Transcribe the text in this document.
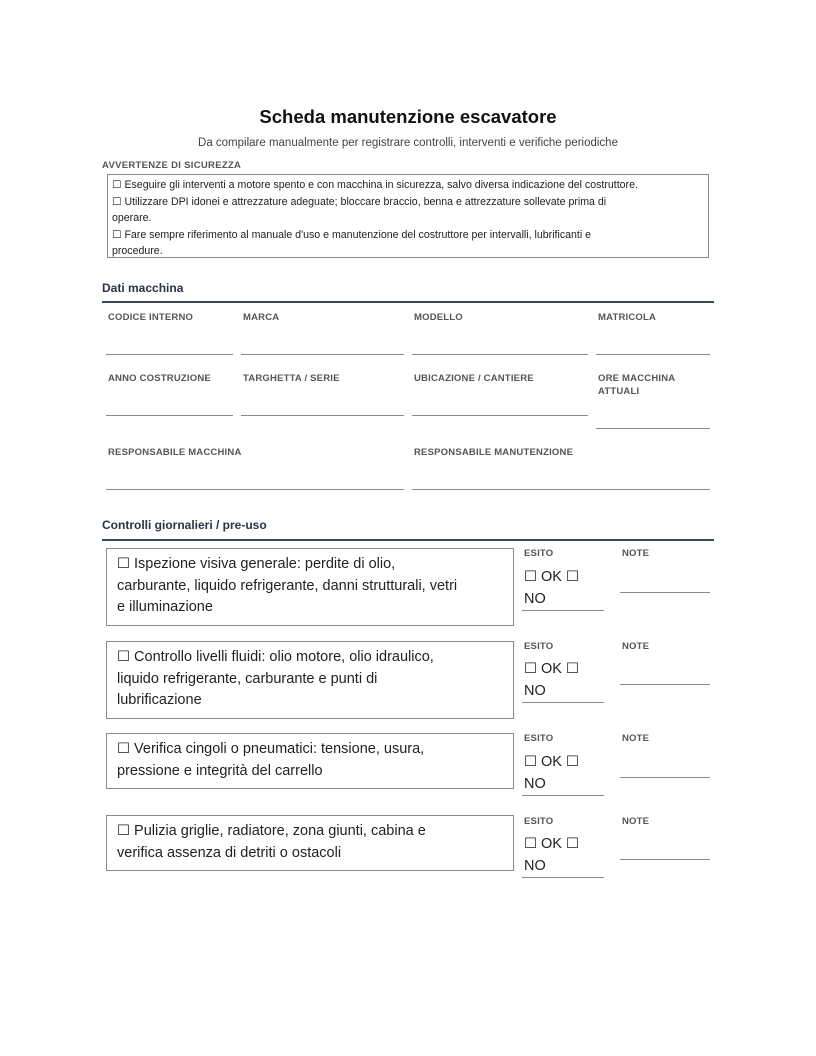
Scheda manutenzione escavatore
Da compilare manualmente per registrare controlli, interventi e verifiche periodiche
AVVERTENZE DI SICUREZZA
☐ Eseguire gli interventi a motore spento e con macchina in sicurezza, salvo diversa indicazione del costruttore.
☐ Utilizzare DPI idonei e attrezzature adeguate; bloccare braccio, benna e attrezzature sollevate prima di
operare.
☐ Fare sempre riferimento al manuale d'uso e manutenzione del costruttore per intervalli, lubrificanti e
procedure.
Dati macchina
CODICE INTERNO	MARCA	MODELLO	MATRICOLA
ANNO COSTRUZIONE	TARGHETTA / SERIE	UBICAZIONE / CANTIERE	ORE MACCHINA
ATTUALI
RESPONSABILE MACCHINA	RESPONSABILE MANUTENZIONE
Controlli giornalieri / pre-uso
☐ Ispezione visiva generale: perdite di olio,
carburante, liquido refrigerante, danni strutturali, vetri
e illuminazione
ESITO	NOTE
☐ OK ☐
NO
☐ Controllo livelli fluidi: olio motore, olio idraulico,
liquido refrigerante, carburante e punti di
lubrificazione
ESITO	NOTE
☐ OK ☐
NO
☐ Verifica cingoli o pneumatici: tensione, usura,
pressione e integrità del carrello
ESITO	NOTE
☐ OK ☐
NO
☐ Pulizia griglie, radiatore, zona giunti, cabina e
verifica assenza di detriti o ostacoli
ESITO	NOTE
☐ OK ☐
NO
